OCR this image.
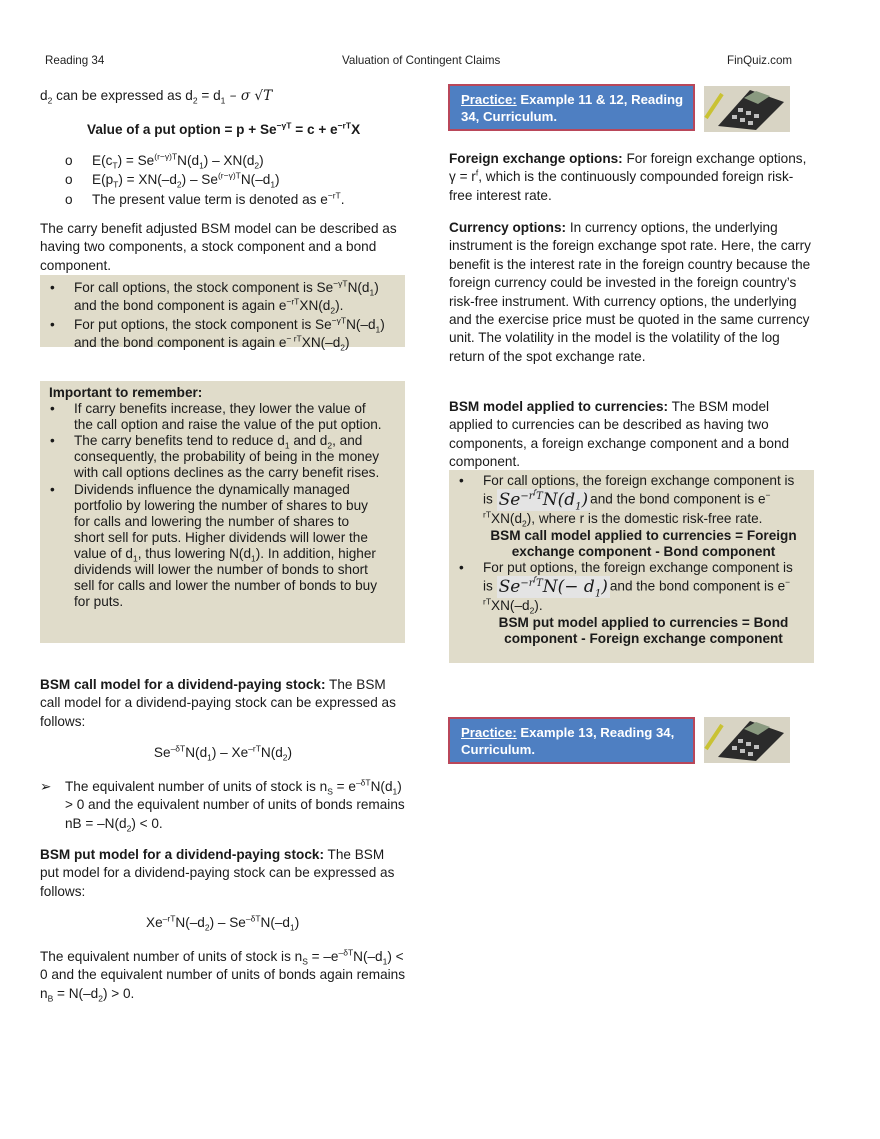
Reading 34	Valuation of Contingent Claims	FinQuiz.com
$d_2$ can be expressed as $d_2 = d_1 - \sigma$ √T
Value of a put option = $p + Se^{-\gamma T} = c + e^{-rT}X$
o $E(c_T) = Se^{(r-\gamma)T}N(d_1) - XN(d_2)$
o $E(p_T) = XN(-d_2) - Se^{(r-\gamma)T}N(-d_1)$
o The present value term is denoted as $e^{-rT}$.

The carry benefit adjusted BSM model can be described as having two components, a stock component and a bond component.

• For call options, the stock component is $Se^{-\gamma T}N(d_1)$ and the bond component is again $e^{-rT}XN(d_2)$.
• For put options, the stock component is $Se^{-\gamma T}N(-d_1)$ and the bond component is again $e^{- rT}XN(-d_2)$
Important to remember:
• If carry benefits increase, they lower the value of the call option and raise the value of the put option.
• The carry benefits tend to reduce $d_1$ and $d_2$, and consequently, the probability of being in the money with call options declines as the carry benefit rises.
• Dividends influence the dynamically managed portfolio by lowering the number of shares to buy for calls and lowering the number of shares to short sell for puts. Higher dividends will lower the value of $d_1$, thus lowering $N(d_1)$. In addition, higher dividends will lower the number of bonds to short sell for calls and lower the number of bonds to buy for puts.

BSM call model for a dividend-paying stock: The BSM call model for a dividend-paying stock can be expressed as follows:

$Se^{-\delta T}N(d_1) - Xe^{-rT}N(d_2)$
➢ The equivalent number of units of stock is $n_S = e^{-\delta T}N(d_1) > 0$ and the equivalent number of units of bonds remains nB = $-N(d_2) < 0$.

BSM put model for a dividend-paying stock: The BSM put model for a dividend-paying stock can be expressed as follows:

$Xe^{-rT}N(-d_2) - Se^{-\delta T}N(-d_1)$

The equivalent number of units of stock is $n_S = -e^{-\delta T}N(-d_1) < 0$ and the equivalent number of units of bonds again remains $n_B = N(-d_2) > 0$.

Practice: Example 11 & 12, Reading 34, Curriculum.

Foreign exchange options: For foreign exchange options, $\gamma = r^f$, which is the continuously compounded foreign risk-free interest rate.

Currency options: In currency options, the underlying instrument is the foreign exchange spot rate. Here, the carry benefit is the interest rate in the foreign country because the foreign currency could be invested in the foreign country’s risk-free instrument. With currency options, the underlying and the exercise price must be quoted in the same currency unit. The volatility in the model is the volatility of the log return of the spot exchange rate.

BSM model applied to currencies: The BSM model applied to currencies can be described as having two components, a foreign exchange component and a bond component.

• For call options, the foreign exchange component is
is $Se^{-r^fT}N(d_1)$ and the bond component is e−
$^{rT}XN(d_2)$, where r is the domestic risk-free rate.
BSM call model applied to currencies = Foreign exchange component - Bond component
• For put options, the foreign exchange component is
is $Se^{-r^fT}N(- d_1)$ and the bond component is e−
$^{rT}XN(-d_2)$.
BSM put model applied to currencies = Bond component - Foreign exchange component
Practice: Example 13, Reading 34, Curriculum.
